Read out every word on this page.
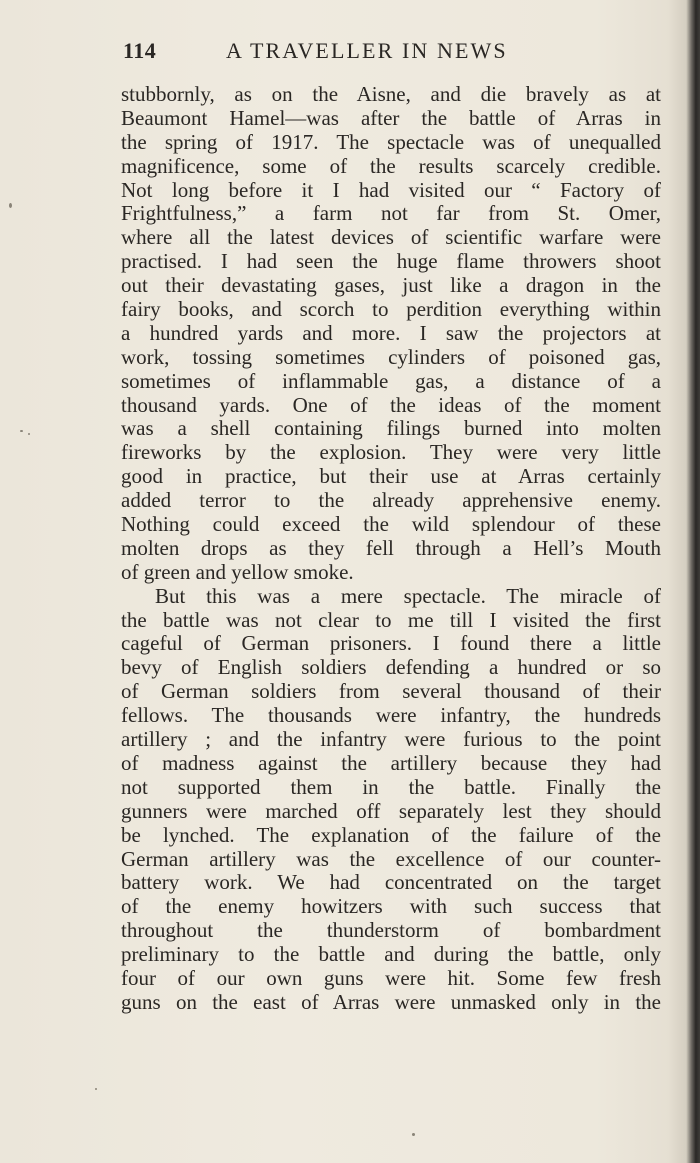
114	A TRAVELLER IN NEWS
stubbornly, as on the Aisne, and die bravely as at
Beaumont Hamel—was after the battle of Arras in
the spring of 1917. The spectacle was of unequalled
magnificence, some of the results scarcely credible.
Not long before it I had visited our “ Factory of
Frightfulness,” a farm not far from St. Omer,
where all the latest devices of scientific warfare were
practised. I had seen the huge flame throwers shoot
out their devastating gases, just like a dragon in the
fairy books, and scorch to perdition everything within
a hundred yards and more. I saw the projectors at
work, tossing sometimes cylinders of poisoned gas,
sometimes of inflammable gas, a distance of a
thousand yards. One of the ideas of the moment
was a shell containing filings burned into molten
fireworks by the explosion. They were very little
good in practice, but their use at Arras certainly
added terror to the already apprehensive enemy.
Nothing could exceed the wild splendour of these
molten drops as they fell through a Hell’s Mouth
of green and yellow smoke.
But this was a mere spectacle. The miracle of
the battle was not clear to me till I visited the first
cageful of German prisoners. I found there a little
bevy of English soldiers defending a hundred or so
of German soldiers from several thousand of their
fellows. The thousands were infantry, the hundreds
artillery ; and the infantry were furious to the point
of madness against the artillery because they had
not supported them in the battle. Finally the
gunners were marched off separately lest they should
be lynched. The explanation of the failure of the
German artillery was the excellence of our counter-
battery work. We had concentrated on the target
of the enemy howitzers with such success that
throughout the thunderstorm of bombardment
preliminary to the battle and during the battle, only
four of our own guns were hit. Some few fresh
guns on the east of Arras were unmasked only in the
